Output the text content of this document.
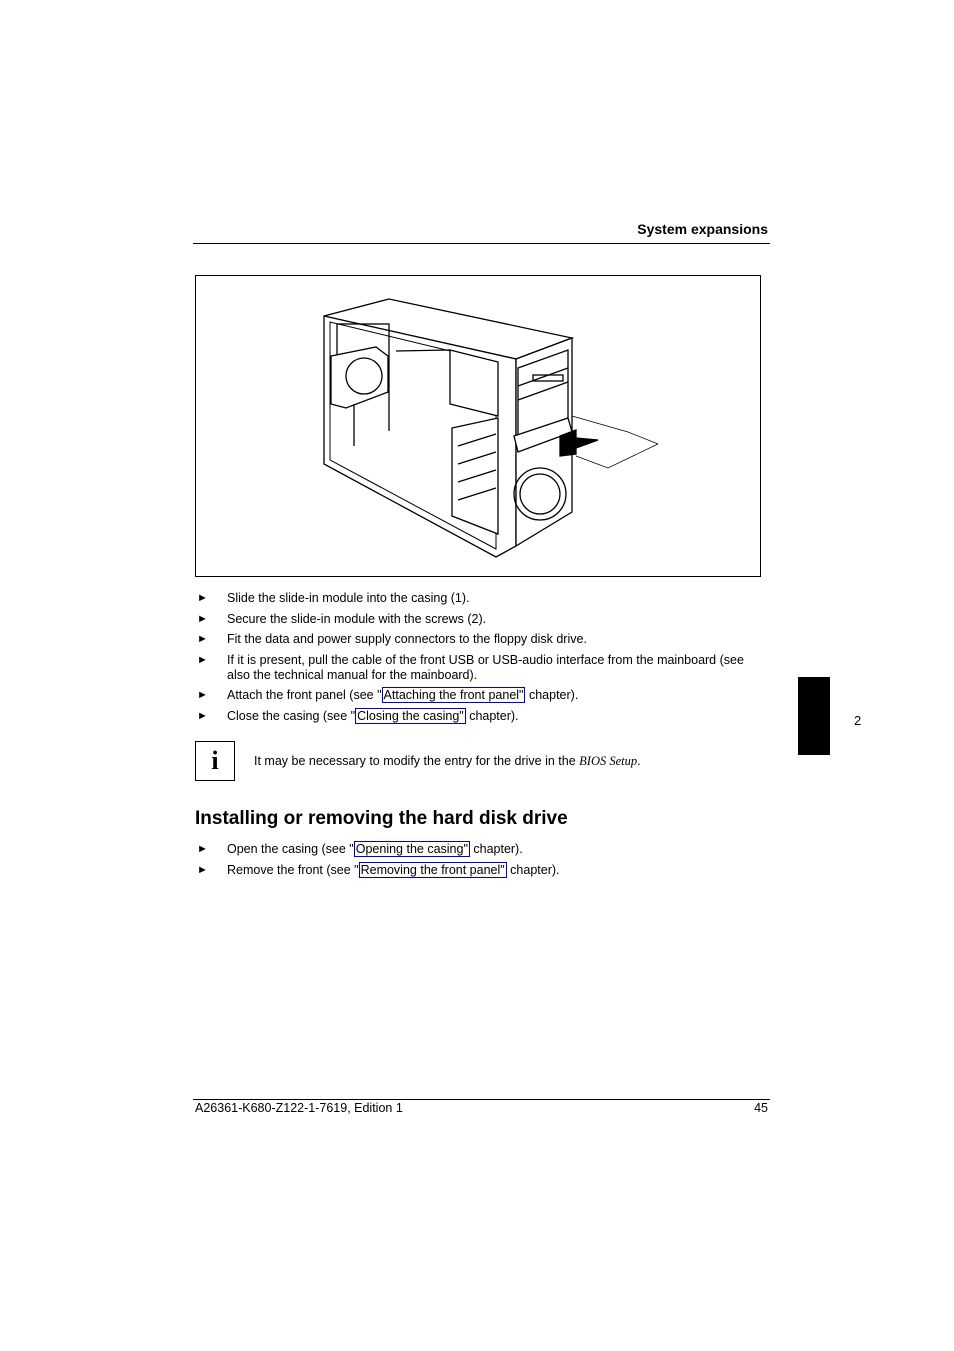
System expansions
1	2
► Slide the slide-in module into the casing (1).
► Secure the slide-in module with the screws (2).
► Fit the data and power supply connectors to the floppy disk drive.
► If it is present, pull the cable of the front USB or USB-audio interface from the mainboard (see also the technical manual for the mainboard).
► Attach the front panel (see " Attaching the front panel" chapter).
► Close the casing (see " Closing the casing" chapter).
i	It may be necessary to modify the entry for the drive in the BIOS Setup.
Installing or removing the hard disk drive
► Open the casing (see " Opening the casing" chapter).
► Remove the front (see " Removing the front panel" chapter).
A26361-K680-Z122-1-7619, Edition 1	45
